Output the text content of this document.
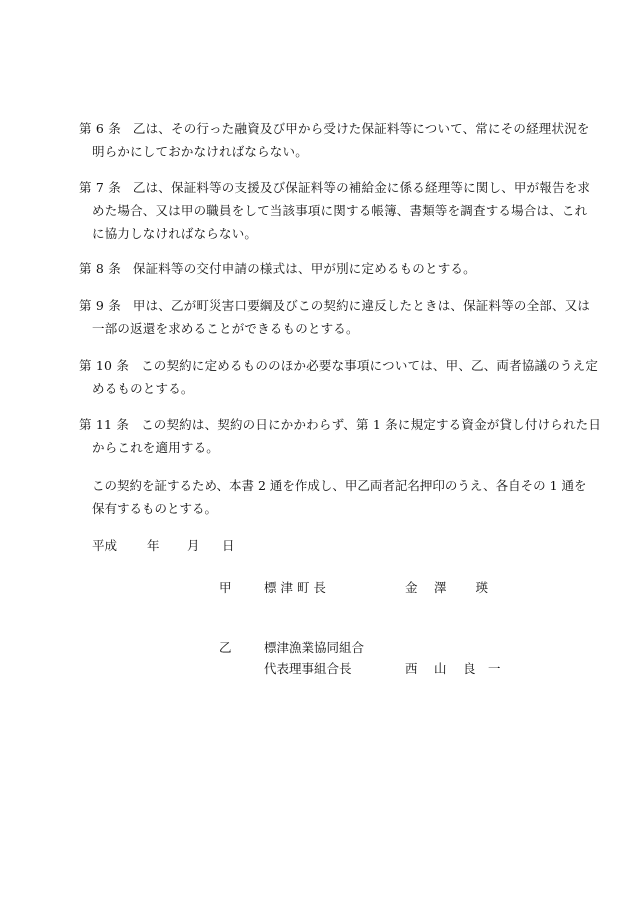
第 6 条 乙は、その行った融資及び甲から受けた保証料等について、常にその経理状況を
明らかにしておかなければならない。
第 7 条 乙は、保証料等の支援及び保証料等の補給金に係る経理等に関し、甲が報告を求
めた場合、又は甲の職員をして当該事項に関する帳簿、書類等を調査する場合は、これ
に協力しなければならない。
第 8 条 保証料等の交付申請の様式は、甲が別に定めるものとする。
第 9 条 甲は、乙が町災害口要綱及びこの契約に違反したときは、保証料等の全部、又は
一部の返還を求めることができるものとする。
第 10 条 この契約に定めるもののほか必要な事項については、甲、乙、両者協議のうえ定
めるものとする。
第 11 条 この契約は、契約の日にかかわらず、第 1 条に規定する資金が貸し付けられた日
からこれを適用する。
この契約を証するため、本書 2 通を作成し、甲乙両者記名押印のうえ、各自その 1 通を
保有するものとする。
平成 年 月 日
甲	標 津 町 長	金　 澤　　 瑛
乙	標津漁業協同組合
代表理事組合長	西　 山　 良　一
